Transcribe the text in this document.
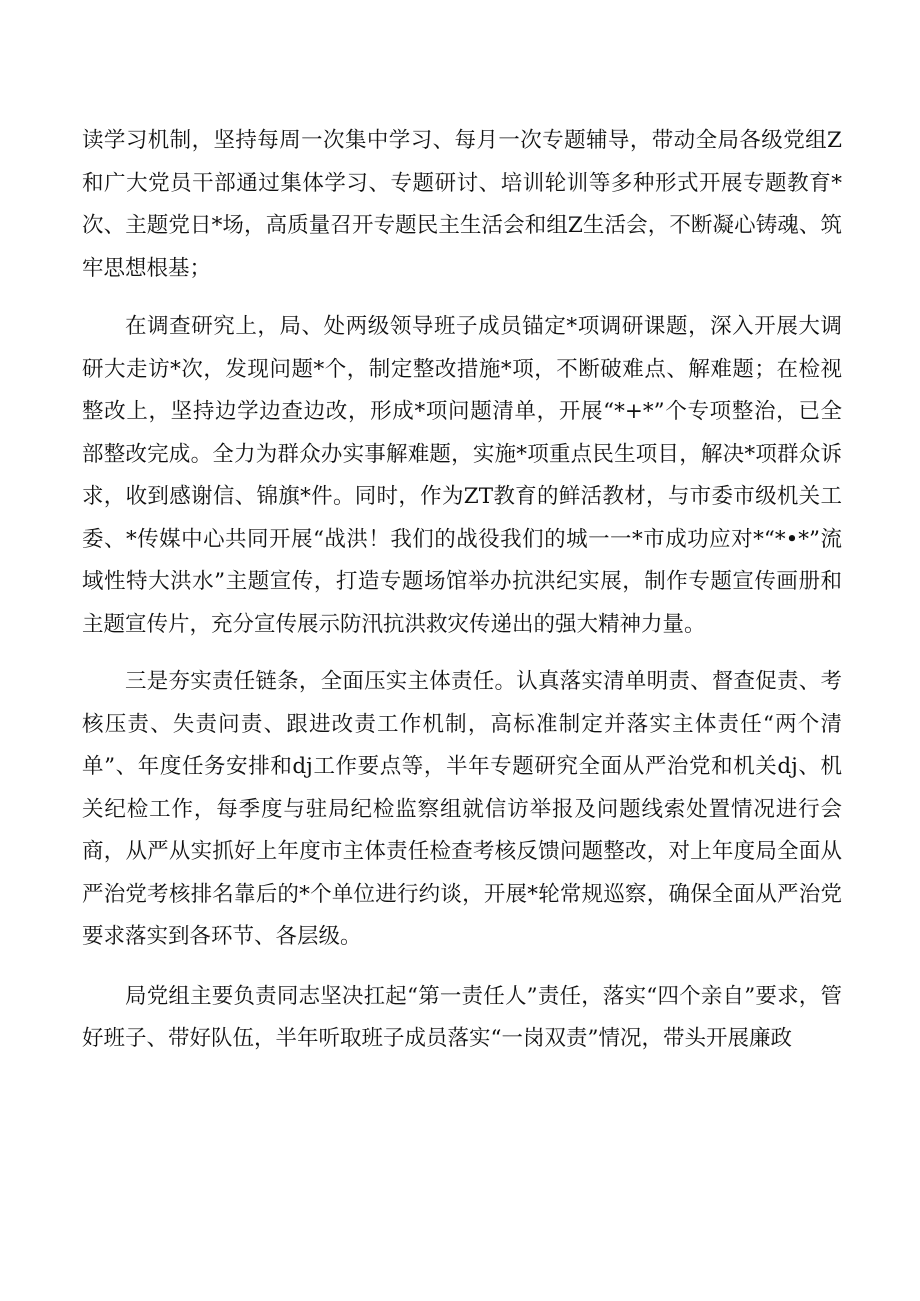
读学习机制，坚持每周一次集中学习、每月一次专题辅导，带动全局各级党组Z和广大党员干部通过集体学习、专题研讨、培训轮训等多种形式开展专题教育*次、主题党日*场，高质量召开专题民主生活会和组Z生活会，不断凝心铸魂、筑牢思想根基；

在调查研究上，局、处两级领导班子成员锚定*项调研课题，深入开展大调研大走访*次，发现问题*个，制定整改措施*项，不断破难点、解难题；在检视整改上，坚持边学边查边改，形成*项问题清单，开展“*+*”个专项整治，已全部整改完成。全力为群众办实事解难题，实施*项重点民生项目，解决*项群众诉求，收到感谢信、锦旗*件。同时，作为ZT教育的鲜活教材，与市委市级机关工委、*传媒中心共同开展“战洪！我们的战役我们的城一一*市成功应对*“*•*”流域性特大洪水”主题宣传，打造专题场馆举办抗洪纪实展，制作专题宣传画册和主题宣传片，充分宣传展示防汛抗洪救灾传递出的强大精神力量。

三是夯实责任链条，全面压实主体责任。认真落实清单明责、督查促责、考核压责、失责问责、跟进改责工作机制，高标准制定并落实主体责任“两个清单”、年度任务安排和dj工作要点等，半年专题研究全面从严治党和机关dj、机关纪检工作，每季度与驻局纪检监察组就信访举报及问题线索处置情况进行会商，从严从实抓好上年度市主体责任检查考核反馈问题整改，对上年度局全面从严治党考核排名靠后的*个单位进行约谈，开展*轮常规巡察，确保全面从严治党要求落实到各环节、各层级。

局党组主要负责同志坚决扛起“第一责任人”责任，落实“四个亲自”要求，管好班子、带好队伍，半年听取班子成员落实“一岗双责”情况，带头开展廉政
